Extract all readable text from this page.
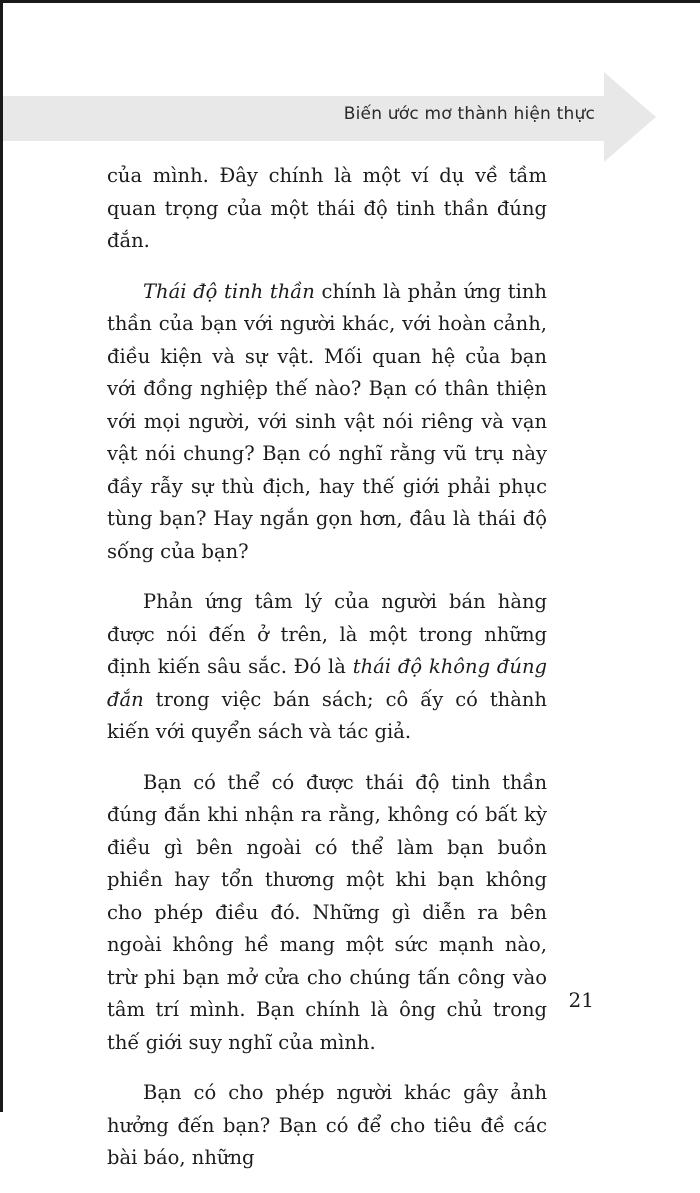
Biến ước mơ thành hiện thực

của mình. Đây chính là một ví dụ về tầm quan trọng của một thái độ tinh thần đúng đắn.

Thái độ tinh thần chính là phản ứng tinh thần của bạn với người khác, với hoàn cảnh, điều kiện và sự vật. Mối quan hệ của bạn với đồng nghiệp thế nào? Bạn có thân thiện với mọi người, với sinh vật nói riêng và vạn vật nói chung? Bạn có nghĩ rằng vũ trụ này đầy rẫy sự thù địch, hay thế giới phải phục tùng bạn? Hay ngắn gọn hơn, đâu là thái độ sống của bạn?

Phản ứng tâm lý của người bán hàng được nói đến ở trên, là một trong những định kiến sâu sắc. Đó là thái độ không đúng đắn trong việc bán sách; cô ấy có thành kiến với quyển sách và tác giả.

Bạn có thể có được thái độ tinh thần đúng đắn khi nhận ra rằng, không có bất kỳ điều gì bên ngoài có thể làm bạn buồn phiền hay tổn thương một khi bạn không cho phép điều đó. Những gì diễn ra bên ngoài không hề mang một sức mạnh nào, trừ phi bạn mở cửa cho chúng tấn công vào tâm trí mình. Bạn chính là ông chủ trong thế giới suy nghĩ của mình.

Bạn có cho phép người khác gây ảnh hưởng đến bạn? Bạn có để cho tiêu đề các bài báo, những

21
